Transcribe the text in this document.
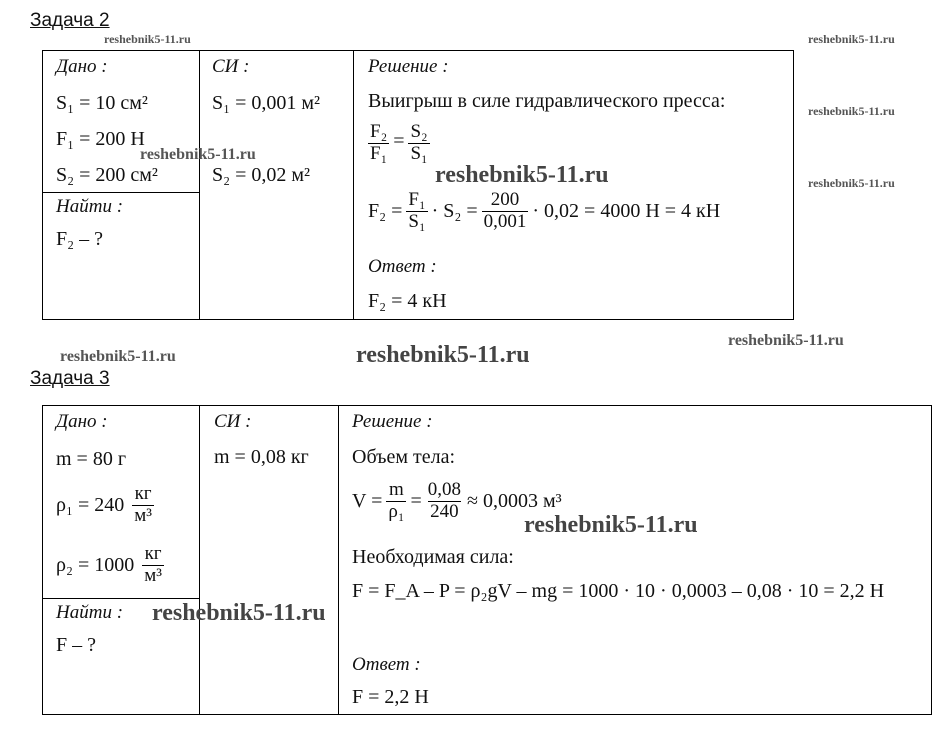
Задача 2
reshebnik5-11.ru	reshebnik5-11.ru
reshebnik5-11.ru
reshebnik5-11.ru
Дано :
S₁ = 10 см²
F₁ = 200 Н
S₂ = 200 см²
Найти :
F₂ – ?
СИ :
S₁ = 0,001 м²
S₂ = 0,02 м²
Решение :
Выигрыш в силе гидравлического пресса:
$\frac{\text{F₂}}{\text{F₁}} = \frac{\text{S₂}}{\text{S₁}}$
$F_2 = \frac{\text{F₁}}{\text{S₁}} \cdot S_2 = \frac{200}{0,001} \cdot 0,02 = 4000$ Н = 4 кН
Ответ :
F₂ = 4 кН
reshebnik5-11.ru
reshebnik5-11.ru
reshebnik5-11.ru	reshebnik5-11.ru
reshebnik5-11.ru
Задача 3
Дано :
m = 80 г
$\rho_1 = 240 \frac{кг}{\text{м³}}$
$\rho_2 = 1000 \frac{кг}{\text{м³}}$
Найти :
F – ?
СИ :
m = 0,08 кг
Решение :
Объем тела:
$V = \frac{m}{\text{ρ₁}} = \frac{0,08}{240} \approx 0,0003$ м³
Необходимая сила:
F = F_A – P = ρ₂gV – mg = 1000 · 10 · 0,0003 – 0,08 · 10 = 2,2 Н
Ответ :
F = 2,2 Н
reshebnik5-11.ru
reshebnik5-11.ru
